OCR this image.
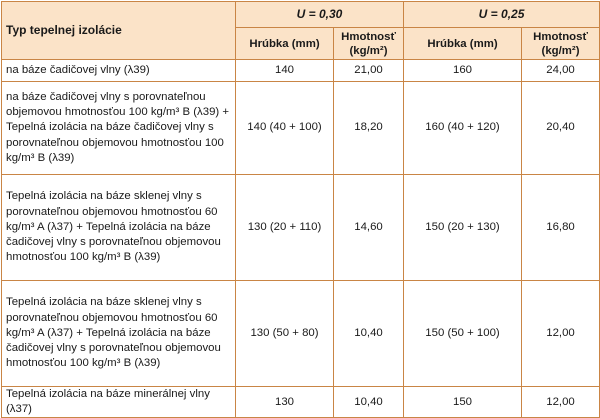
Typ tepelnej izolácie	U = 0,30		U = 0,25	
	Hrúbka (mm)	Hmotnosť (kg/m²)	Hrúbka (mm)	Hmotnosť (kg/m²)
na báze čadičovej vlny (λ39)	140	21,00	160	24,00
na báze čadičovej vlny s porovnateľnou objemovou hmotnosťou 100 kg/m³ B (λ39) + Tepelná izolácia na báze čadičovej vlny s porovnateľnou objemovou hmotnosťou 100 kg/m³ B (λ39)	140 (40 + 100)	18,20	160 (40 + 120)	20,40
Tepelná izolácia na báze sklenej vlny s porovnateľnou objemovou hmotnosťou 60 kg/m³ A (λ37) + Tepelná izolácia na báze čadičovej vlny s porovnateľnou objemovou hmotnosťou 100 kg/m³ B (λ39)	130 (20 + 110)	14,60	150 (20 + 130)	16,80
Tepelná izolácia na báze sklenej vlny s porovnateľnou objemovou hmotnosťou 60 kg/m³ A (λ37) + Tepelná izolácia na báze čadičovej vlny s porovnateľnou objemovou hmotnosťou 100 kg/m³ B (λ39)	130 (50 + 80)	10,40	150 (50 + 100)	12,00
Tepelná izolácia na báze minerálnej vlny (λ37)	130	10,40	150	12,00
